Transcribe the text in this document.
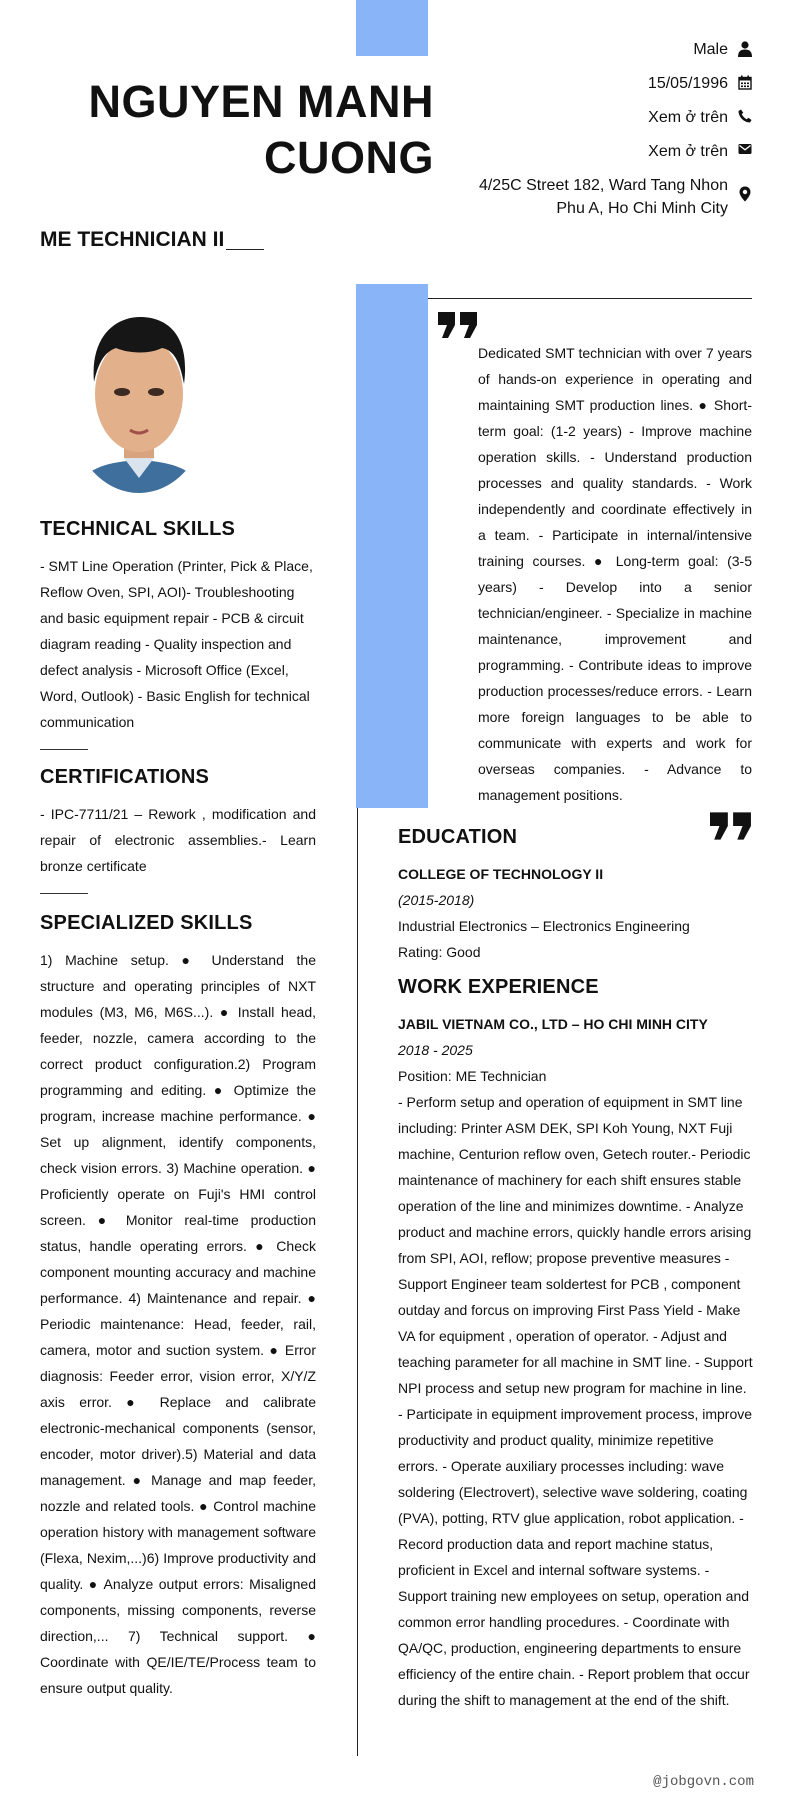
NGUYEN MANH
CUONG
ME TECHNICIAN II
Male
15/05/1996
Xem ở trên
Xem ở trên
4/25C Street 182, Ward Tang Nhon
Phu A, Ho Chi Minh City
TECHNICAL SKILLS
- SMT Line Operation (Printer, Pick & Place, Reflow Oven, SPI, AOI)- Troubleshooting and basic equipment repair - PCB & circuit diagram reading - Quality inspection and defect analysis - Microsoft Office (Excel, Word, Outlook) - Basic English for technical communication
CERTIFICATIONS
- IPC-7711/21 – Rework , modification and repair of electronic assemblies.- Learn bronze certificate
SPECIALIZED SKILLS
1) Machine setup. ● Understand the structure and operating principles of NXT modules (M3, M6, M6S...). ● Install head, feeder, nozzle, camera according to the correct product configuration.2) Program programming and editing. ● Optimize the program, increase machine performance. ● Set up alignment, identify components, check vision errors. 3) Machine operation. ● Proficiently operate on Fuji's HMI control screen. ● Monitor real-time production status, handle operating errors. ● Check component mounting accuracy and machine performance. 4) Maintenance and repair. ● Periodic maintenance: Head, feeder, rail, camera, motor and suction system. ● Error diagnosis: Feeder error, vision error, X/Y/Z axis error. ● Replace and calibrate electronic-mechanical components (sensor, encoder, motor driver).5) Material and data management. ● Manage and map feeder, nozzle and related tools. ● Control machine operation history with management software (Flexa, Nexim,...)6) Improve productivity and quality. ● Analyze output errors: Misaligned components, missing components, reverse direction,... 7) Technical support. ● Coordinate with QE/IE/TE/Process team to ensure output quality.
Dedicated SMT technician with over 7 years of hands-on experience in operating and maintaining SMT production lines. ● Short-term goal: (1-2 years) - Improve machine operation skills. - Understand production processes and quality standards. - Work independently and coordinate effectively in a team. - Participate in internal/intensive training courses. ● Long-term goal: (3-5 years) - Develop into a senior technician/engineer. - Specialize in machine maintenance, improvement and programming. - Contribute ideas to improve production processes/reduce errors. - Learn more foreign languages to be able to communicate with experts and work for overseas companies. - Advance to management positions.
EDUCATION
COLLEGE OF TECHNOLOGY II
(2015-2018)
Industrial Electronics – Electronics Engineering
Rating: Good
WORK EXPERIENCE
JABIL VIETNAM CO., LTD – HO CHI MINH CITY
2018 - 2025
Position: ME Technician
- Perform setup and operation of equipment in SMT line including: Printer ASM DEK, SPI Koh Young, NXT Fuji machine, Centurion reflow oven, Getech router.- Periodic maintenance of machinery for each shift ensures stable operation of the line and minimizes downtime. - Analyze product and machine errors, quickly handle errors arising from SPI, AOI, reflow; propose preventive measures - Support Engineer team soldertest for PCB , component outday and forcus on improving First Pass Yield - Make VA for equipment , operation of operator. - Adjust and teaching parameter for all machine in SMT line. - Support NPI process and setup new program for machine in line. - Participate in equipment improvement process, improve productivity and product quality, minimize repetitive errors. - Operate auxiliary processes including: wave soldering (Electrovert), selective wave soldering, coating (PVA), potting, RTV glue application, robot application. - Record production data and report machine status, proficient in Excel and internal software systems. - Support training new employees on setup, operation and common error handling procedures. - Coordinate with QA/QC, production, engineering departments to ensure efficiency of the entire chain. - Report problem that occur during the shift to management at the end of the shift.
@jobgovn.com
